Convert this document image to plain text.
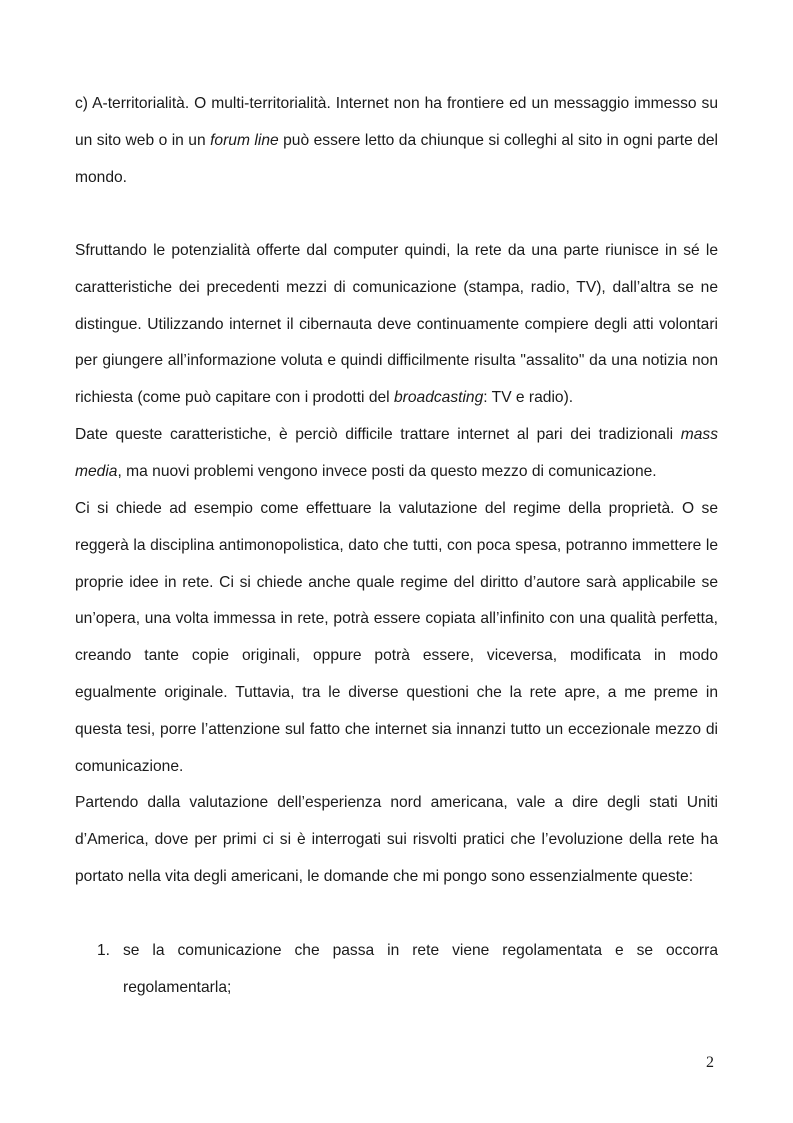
c) A-territorialità. O multi-territorialità. Internet non ha frontiere ed un messaggio immesso su un sito web o in un forum line può essere letto da chiunque si colleghi al sito in ogni parte del mondo.

Sfruttando le potenzialità offerte dal computer quindi, la rete da una parte riunisce in sé le caratteristiche dei precedenti mezzi di comunicazione (stampa, radio, TV), dall’altra se ne distingue. Utilizzando internet il cibernauta deve continuamente compiere degli atti volontari per giungere all’informazione voluta e quindi difficilmente risulta "assalito" da una notizia non richiesta (come può capitare con i prodotti del broadcasting: TV e radio).

Date queste caratteristiche, è perciò difficile trattare internet al pari dei tradizionali mass media, ma nuovi problemi vengono invece posti da questo mezzo di comunicazione.

Ci si chiede ad esempio come effettuare la valutazione del regime della proprietà. O se reggerà la disciplina antimonopolistica, dato che tutti, con poca spesa, potranno immettere le proprie idee in rete. Ci si chiede anche quale regime del diritto d’autore sarà applicabile se un’opera, una volta immessa in rete, potrà essere copiata all’infinito con una qualità perfetta, creando tante copie originali, oppure potrà essere, viceversa, modificata in modo egualmente originale. Tuttavia, tra le diverse questioni che la rete apre, a me preme in questa tesi, porre l’attenzione sul fatto che internet sia innanzi tutto un eccezionale mezzo di comunicazione.

Partendo dalla valutazione dell’esperienza nord americana, vale a dire degli stati Uniti d’America, dove per primi ci si è interrogati sui risvolti pratici che l’evoluzione della rete ha portato nella vita degli americani, le domande che mi pongo sono essenzialmente queste:

1. se la comunicazione che passa in rete viene regolamentata e se occorra regolamentarla;

2
